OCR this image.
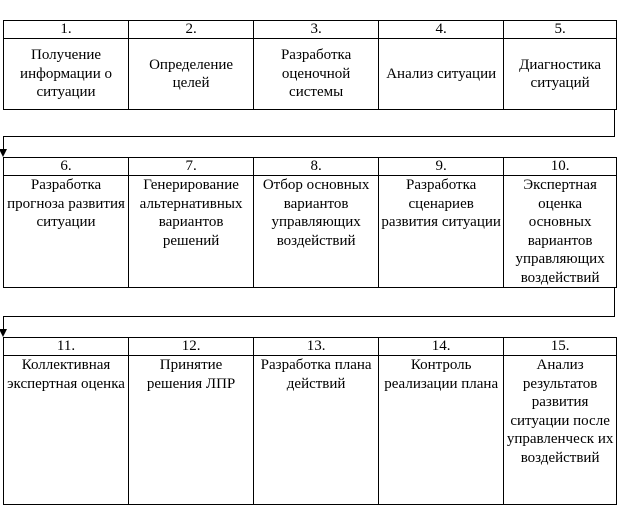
1.	2.	3.	4.	5.
Получение информации о ситуации	Определение целей	Разработка оценочной системы	Анализ ситуации	Диагностика ситуаций
6.	7.	8.	9.	10.
Разработка прогноза развития ситуации	Генерирование альтернативных вариантов решений	Отбор основных вариантов управляющих воздействий	Разработка сценариев развития ситуации	Экспертная оценка основных вариантов управляющих воздействий
11.	12.	13.	14.	15.
Коллективная экспертная оценка	Принятие решения ЛПР	Разработка плана действий	Контроль реализации плана	Анализ результатов развития ситуации после управленческ их воздействий
